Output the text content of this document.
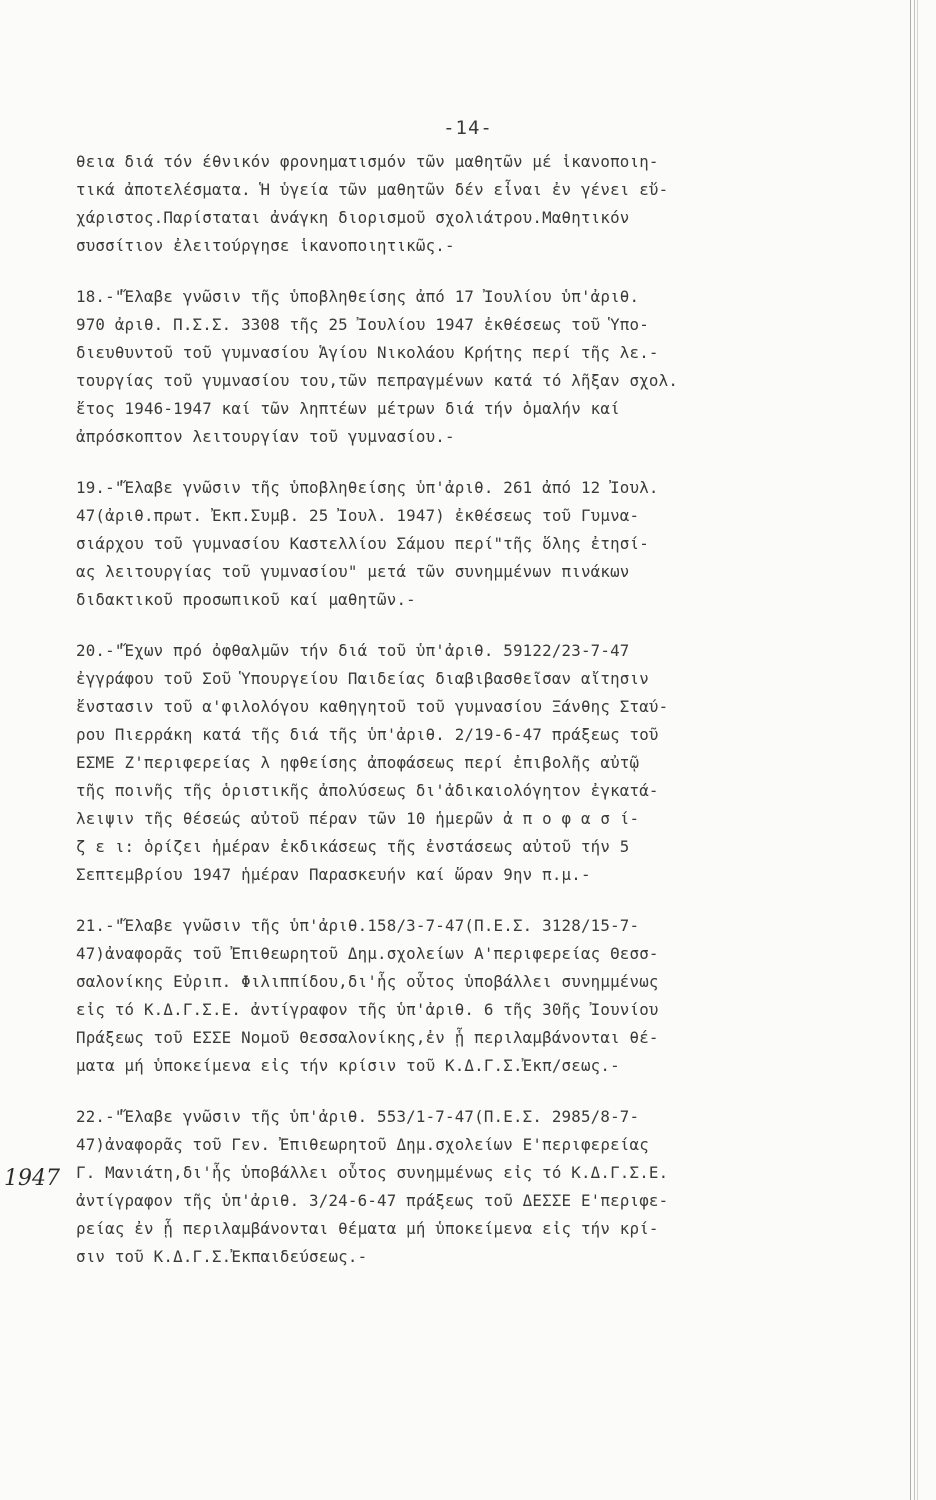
-14-
θεια διά τόν έθνικόν φρονηματισμόν τῶν μαθητῶν μέ ἱκανοποιη-
τικά ἀποτελέσματα. Ἡ ὑγεία τῶν μαθητῶν δέν εἶναι ἐν γένει εὔ-
χάριστος.Παρίσταται ἀνάγκη διορισμοῦ σχολιάτρου.Μαθητικόν
συσσίτιον ἐλειτούργησε ἱκανοποιητικῶς.-
18.-"Ἔλαβε γνῶσιν τῆς ὑποβληθείσης ἀπό 17 Ἰουλίου ὑπ'ἀριθ.
970 ἀριθ. Π.Σ.Σ. 3308 τῆς 25 Ἰουλίου 1947 ἐκθέσεως τοῦ Ὑπο-
διευθυντοῦ τοῦ γυμνασίου Ἁγίου Νικολάου Κρήτης περί τῆς λε.-
τουργίας τοῦ γυμνασίου του,τῶν πεπραγμένων κατά τό λῆξαν σχολ.
ἔτος 1946-1947 καί τῶν ληπτέων μέτρων διά τήν ὁμαλήν καί
ἀπρόσκοπτον λειτουργίαν τοῦ γυμνασίου.-
19.-"Ἔλαβε γνῶσιν τῆς ὑποβληθείσης ὑπ'ἀριθ. 261 ἀπό 12 Ἰουλ.
47(ἀριθ.πρωτ. Ἐκπ.Συμβ. 25 Ἰουλ. 1947) ἐκθέσεως τοῦ Γυμνα-
σιάρχου τοῦ γυμνασίου Καστελλίου Σάμου περί"τῆς ὅλης ἐτησί-
ας λειτουργίας τοῦ γυμνασίου" μετά τῶν συνημμένων πινάκων
διδακτικοῦ προσωπικοῦ καί μαθητῶν.-
20.-"Ἔχων πρό ὀφθαλμῶν τήν διά τοῦ ὑπ'ἀριθ. 59122/23-7-47
ἐγγράφου τοῦ Σοῦ Ὑπουργείου Παιδείας διαβιβασθεῖσαν αἴτησιν
ἔνστασιν τοῦ α'φιλολόγου καθηγητοῦ τοῦ γυμνασίου Ξάνθης Σταύ-
ρου Πιερράκη κατά τῆς διά τῆς ὑπ'ἀριθ. 2/19-6-47 πράξεως τοῦ
ΕΣΜΕ Ζ'περιφερείας λ ηφθείσης ἀποφάσεως περί ἐπιβολῆς αὐτῷ
τῆς ποινῆς τῆς ὁριστικῆς ἀπολύσεως δι'ἀδικαιολόγητον ἐγκατά-
λειψιν τῆς θέσεώς αὐτοῦ πέραν τῶν 10 ἡμερῶν ἀ π ο φ α σ ί-
ζ ε ι: ὁρίζει ἡμέραν ἐκδικάσεως τῆς ἐνστάσεως αὐτοῦ τήν 5
Σεπτεμβρίου 1947 ἡμέραν Παρασκευήν καί ὥραν 9ην π.μ.-
21.-"Ἔλαβε γνῶσιν τῆς ὑπ'ἀριθ.158/3-7-47(Π.Ε.Σ. 3128/15-7-
47)ἀναφορᾶς τοῦ Ἐπιθεωρητοῦ Δημ.σχολείων Α'περιφερείας Θεσσ-
σαλονίκης Εὐριπ. Φιλιππίδου,δι'ἧς οὗτος ὑποβάλλει συνημμένως
εἰς τό Κ.Δ.Γ.Σ.Ε. ἀντίγραφον τῆς ὑπ'ἀριθ. 6 τῆς 30ῆς Ἰουνίου
Πράξεως τοῦ ΕΣΣΕ Νομοῦ Θεσσαλονίκης,ἐν ᾗ περιλαμβάνονται θέ-
ματα μή ὑποκείμενα εἰς τήν κρίσιν τοῦ Κ.Δ.Γ.Σ.Ἐκπ/σεως.-
22.-"Ἔλαβε γνῶσιν τῆς ὑπ'ἀριθ. 553/1-7-47(Π.Ε.Σ. 2985/8-7-
47)ἀναφορᾶς τοῦ Γεν. Ἐπιθεωρητοῦ Δημ.σχολείων Ε'περιφερείας
Γ. Μανιάτη,δι'ἧς ὑποβάλλει οὗτος συνημμένως εἰς τό Κ.Δ.Γ.Σ.Ε.
ἀντίγραφον τῆς ὑπ'ἀριθ. 3/24-6-47 πράξεως τοῦ ΔΕΣΣΕ Ε'περιφε-
ρείας ἐν ᾗ περιλαμβάνονται θέματα μή ὑποκείμενα εἰς τήν κρί-
σιν τοῦ Κ.Δ.Γ.Σ.Ἐκπαιδεύσεως.-
1947
